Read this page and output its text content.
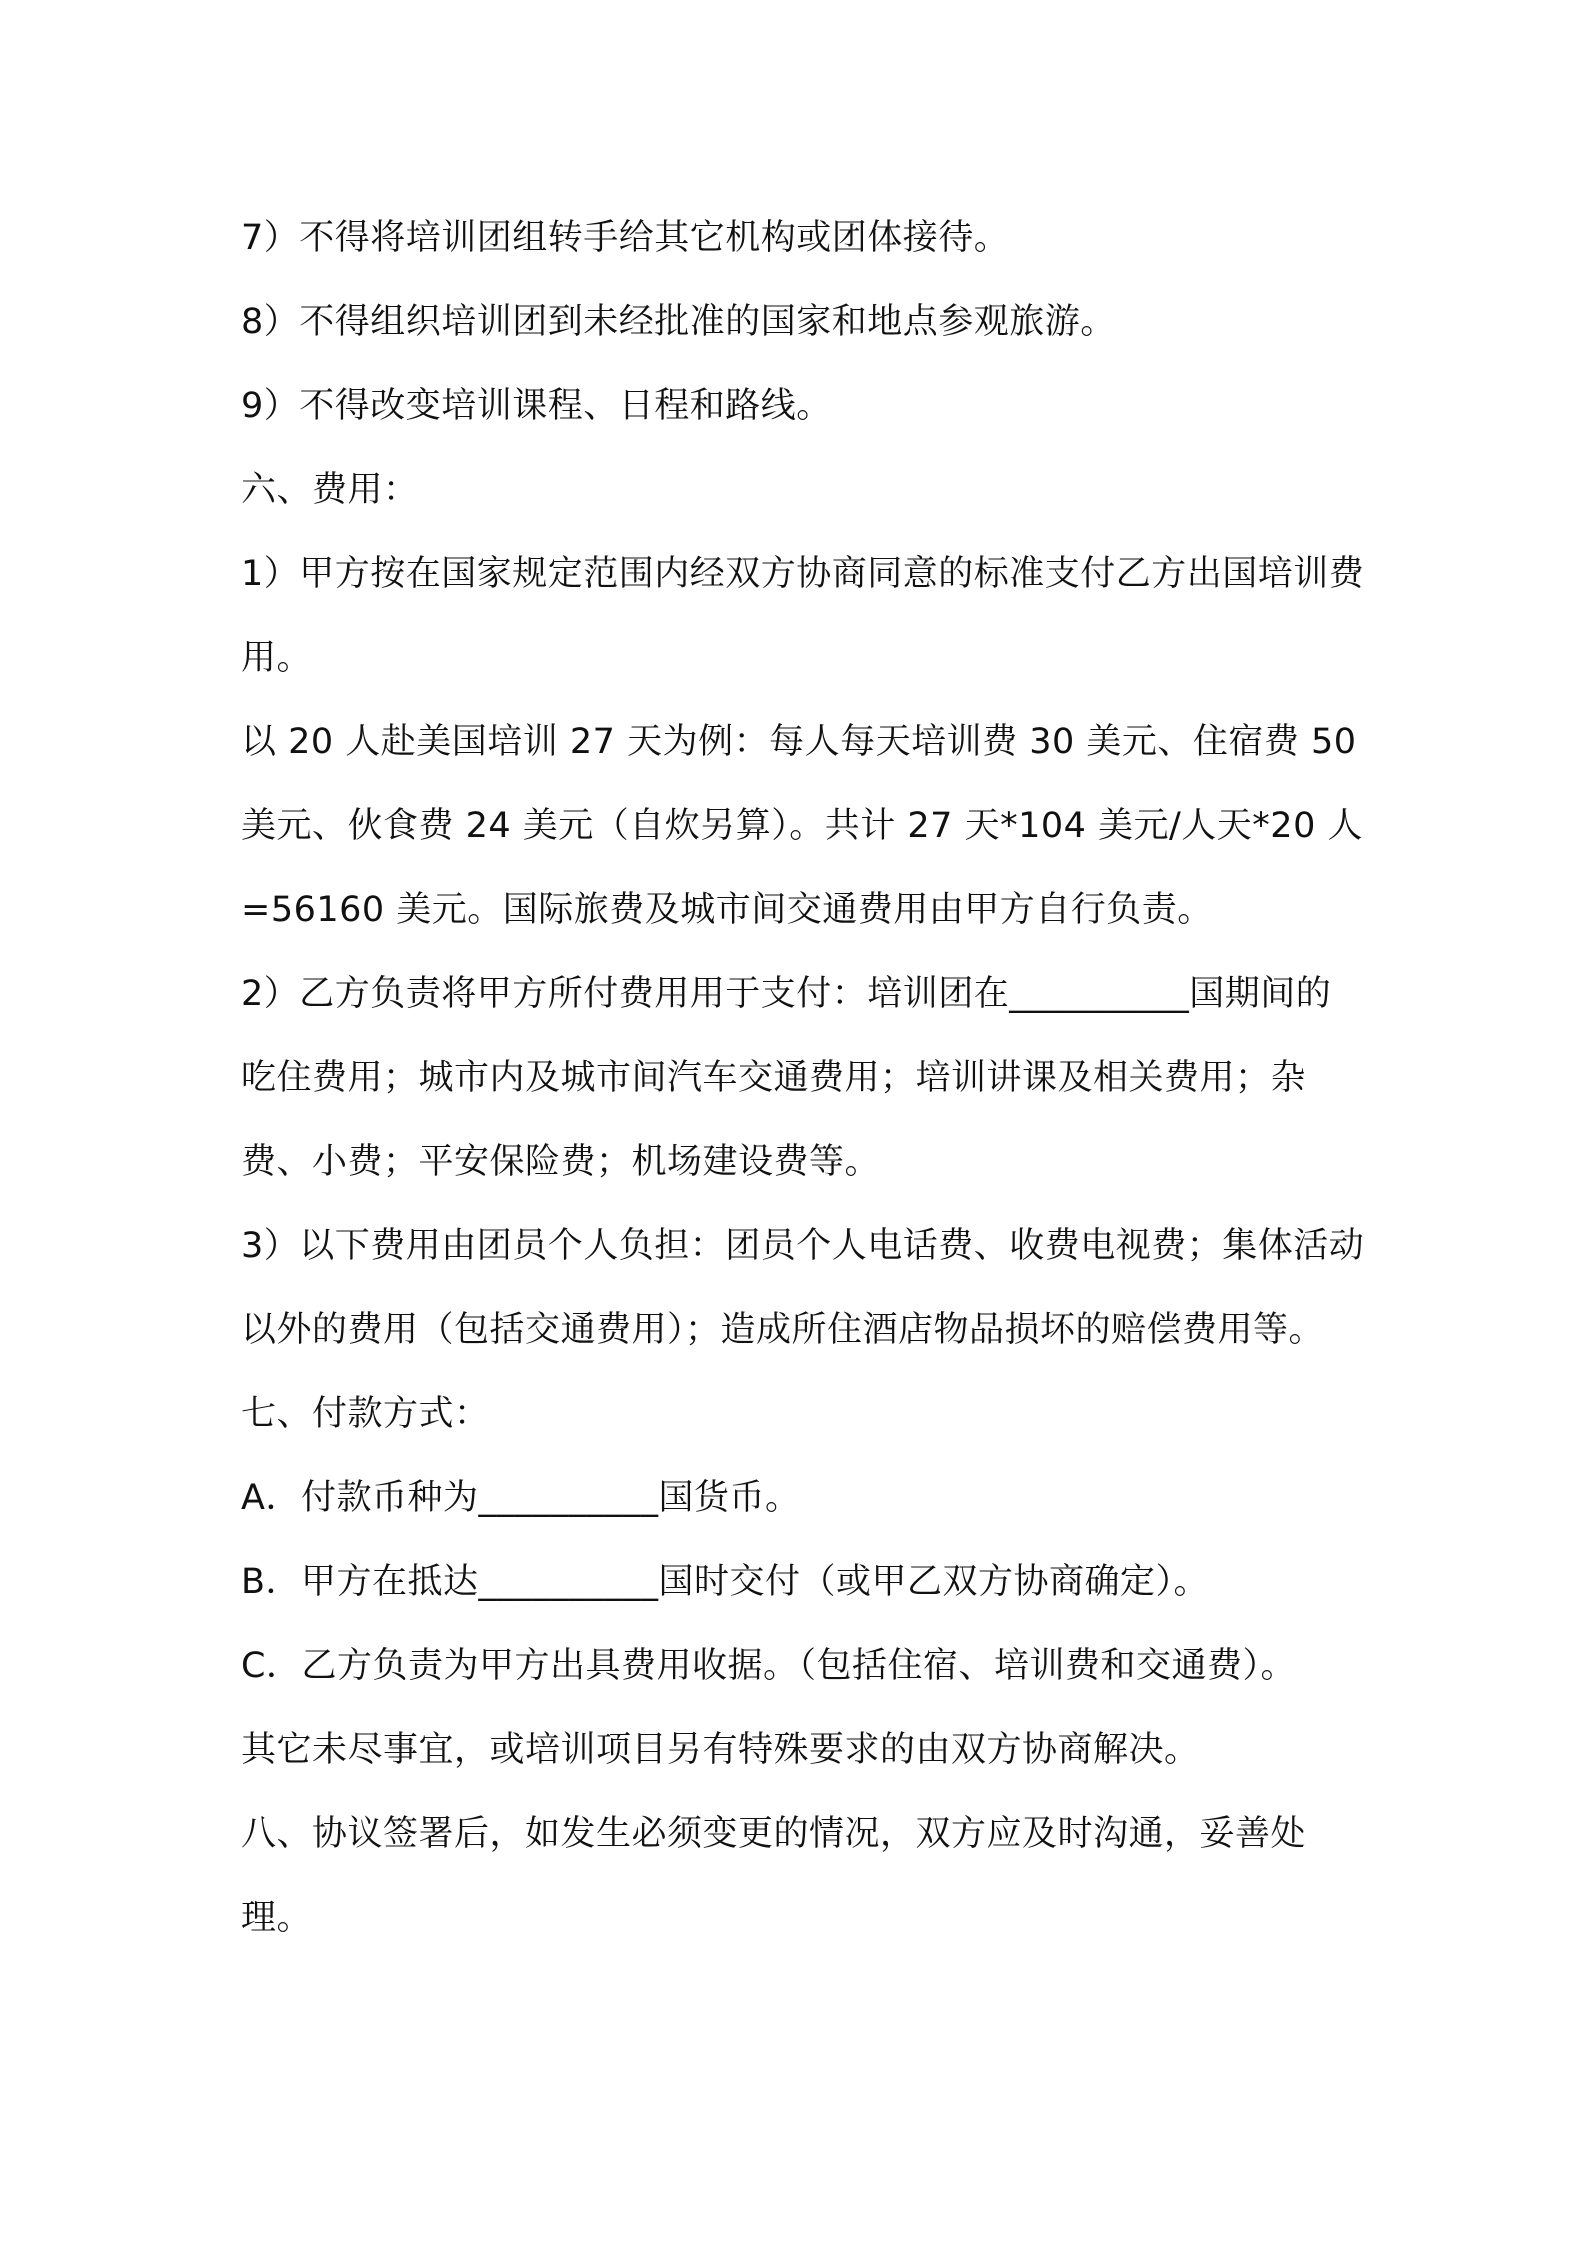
7）不得将培训团组转手给其它机构或团体接待。

8）不得组织培训团到未经批准的国家和地点参观旅游。

9）不得改变培训课程、日程和路线。

六、费用：

1）甲方按在国家规定范围内经双方协商同意的标准支付乙方出国培训费用。

以 20 人赴美国培训 27 天为例：每人每天培训费 30 美元、住宿费 50 美元、伙食费 24 美元（自炊另算）。共计 27 天*104 美元/人天*20 人=56160 美元。国际旅费及城市间交通费用由甲方自行负责。

2）乙方负责将甲方所付费用用于支付：培训团在__________国期间的吃住费用；城市内及城市间汽车交通费用；培训讲课及相关费用；杂费、小费；平安保险费；机场建设费等。

3）以下费用由团员个人负担：团员个人电话费、收费电视费；集体活动以外的费用（包括交通费用）；造成所住酒店物品损坏的赔偿费用等。

七、付款方式：

A．付款币种为__________国货币。

B．甲方在抵达__________国时交付（或甲乙双方协商确定）。

C．乙方负责为甲方出具费用收据。（包括住宿、培训费和交通费）。

其它未尽事宜，或培训项目另有特殊要求的由双方协商解决。

八、协议签署后，如发生必须变更的情况，双方应及时沟通，妥善处理。
